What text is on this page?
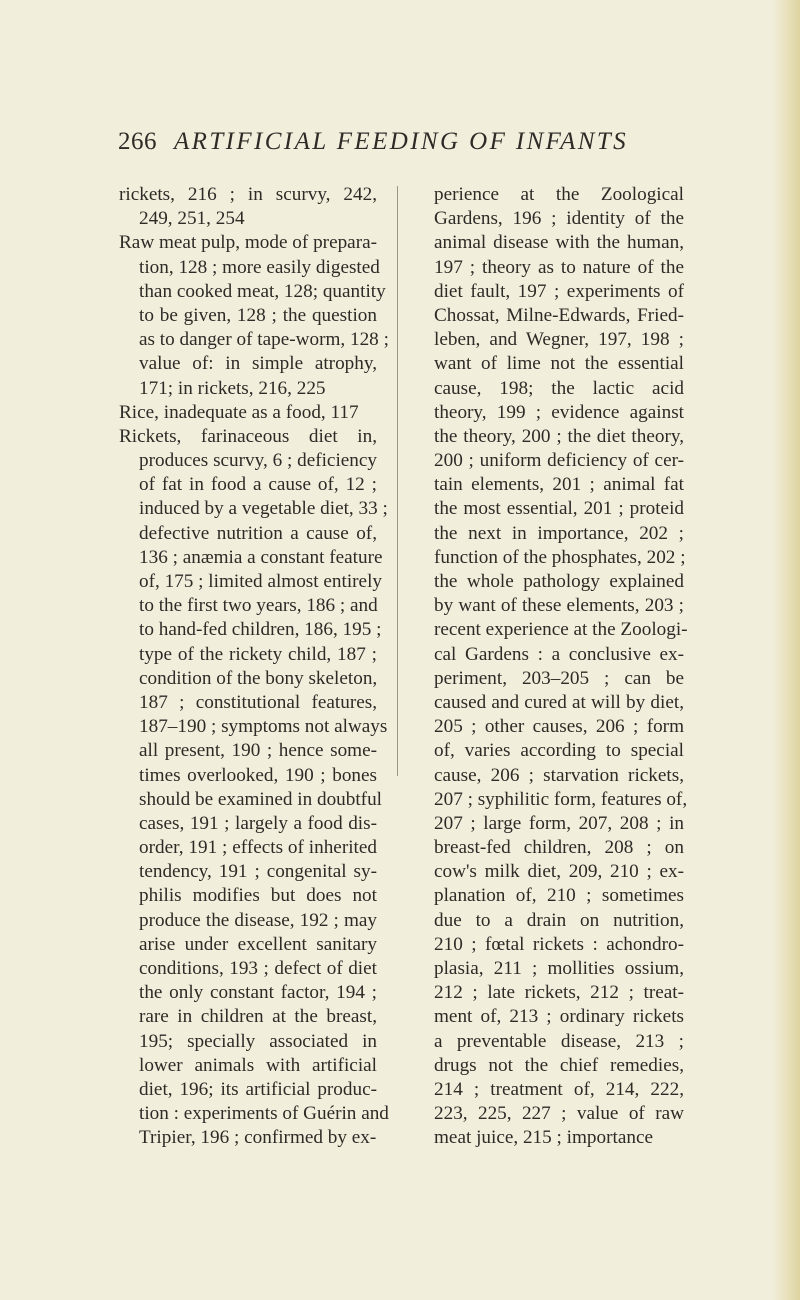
266 ARTIFICIAL FEEDING OF INFANTS
rickets, 216 ; in scurvy, 242,
249, 251, 254
Raw meat pulp, mode of prepara-
tion, 128 ; more easily digested
than cooked meat, 128; quantity
to be given, 128 ; the question
as to danger of tape-worm, 128 ;
value of: in simple atrophy,
171; in rickets, 216, 225
Rice, inadequate as a food, 117
Rickets, farinaceous diet in,
produces scurvy, 6 ; deficiency
of fat in food a cause of, 12 ;
induced by a vegetable diet, 33 ;
defective nutrition a cause of,
136 ; anæmia a constant feature
of, 175 ; limited almost entirely
to the first two years, 186 ; and
to hand-fed children, 186, 195 ;
type of the rickety child, 187 ;
condition of the bony skeleton,
187 ; constitutional features,
187–190 ; symptoms not always
all present, 190 ; hence some-
times overlooked, 190 ; bones
should be examined in doubtful
cases, 191 ; largely a food dis-
order, 191 ; effects of inherited
tendency, 191 ; congenital sy-
philis modifies but does not
produce the disease, 192 ; may
arise under excellent sanitary
conditions, 193 ; defect of diet
the only constant factor, 194 ;
rare in children at the breast,
195; specially associated in
lower animals with artificial
diet, 196; its artificial produc-
tion : experiments of Guérin and
Tripier, 196 ; confirmed by ex-
perience at the Zoological
Gardens, 196 ; identity of the
animal disease with the human,
197 ; theory as to nature of the
diet fault, 197 ; experiments of
Chossat, Milne-Edwards, Fried-
leben, and Wegner, 197, 198 ;
want of lime not the essential
cause, 198; the lactic acid
theory, 199 ; evidence against
the theory, 200 ; the diet theory,
200 ; uniform deficiency of cer-
tain elements, 201 ; animal fat
the most essential, 201 ; proteid
the next in importance, 202 ;
function of the phosphates, 202 ;
the whole pathology explained
by want of these elements, 203 ;
recent experience at the Zoologi-
cal Gardens : a conclusive ex-
periment, 203–205 ; can be
caused and cured at will by diet,
205 ; other causes, 206 ; form
of, varies according to special
cause, 206 ; starvation rickets,
207 ; syphilitic form, features of,
207 ; large form, 207, 208 ; in
breast-fed children, 208 ; on
cow's milk diet, 209, 210 ; ex-
planation of, 210 ; sometimes
due to a drain on nutrition,
210 ; fœtal rickets : achondro-
plasia, 211 ; mollities ossium,
212 ; late rickets, 212 ; treat-
ment of, 213 ; ordinary rickets
a preventable disease, 213 ;
drugs not the chief remedies,
214 ; treatment of, 214, 222,
223, 225, 227 ; value of raw
meat juice, 215 ; importance
